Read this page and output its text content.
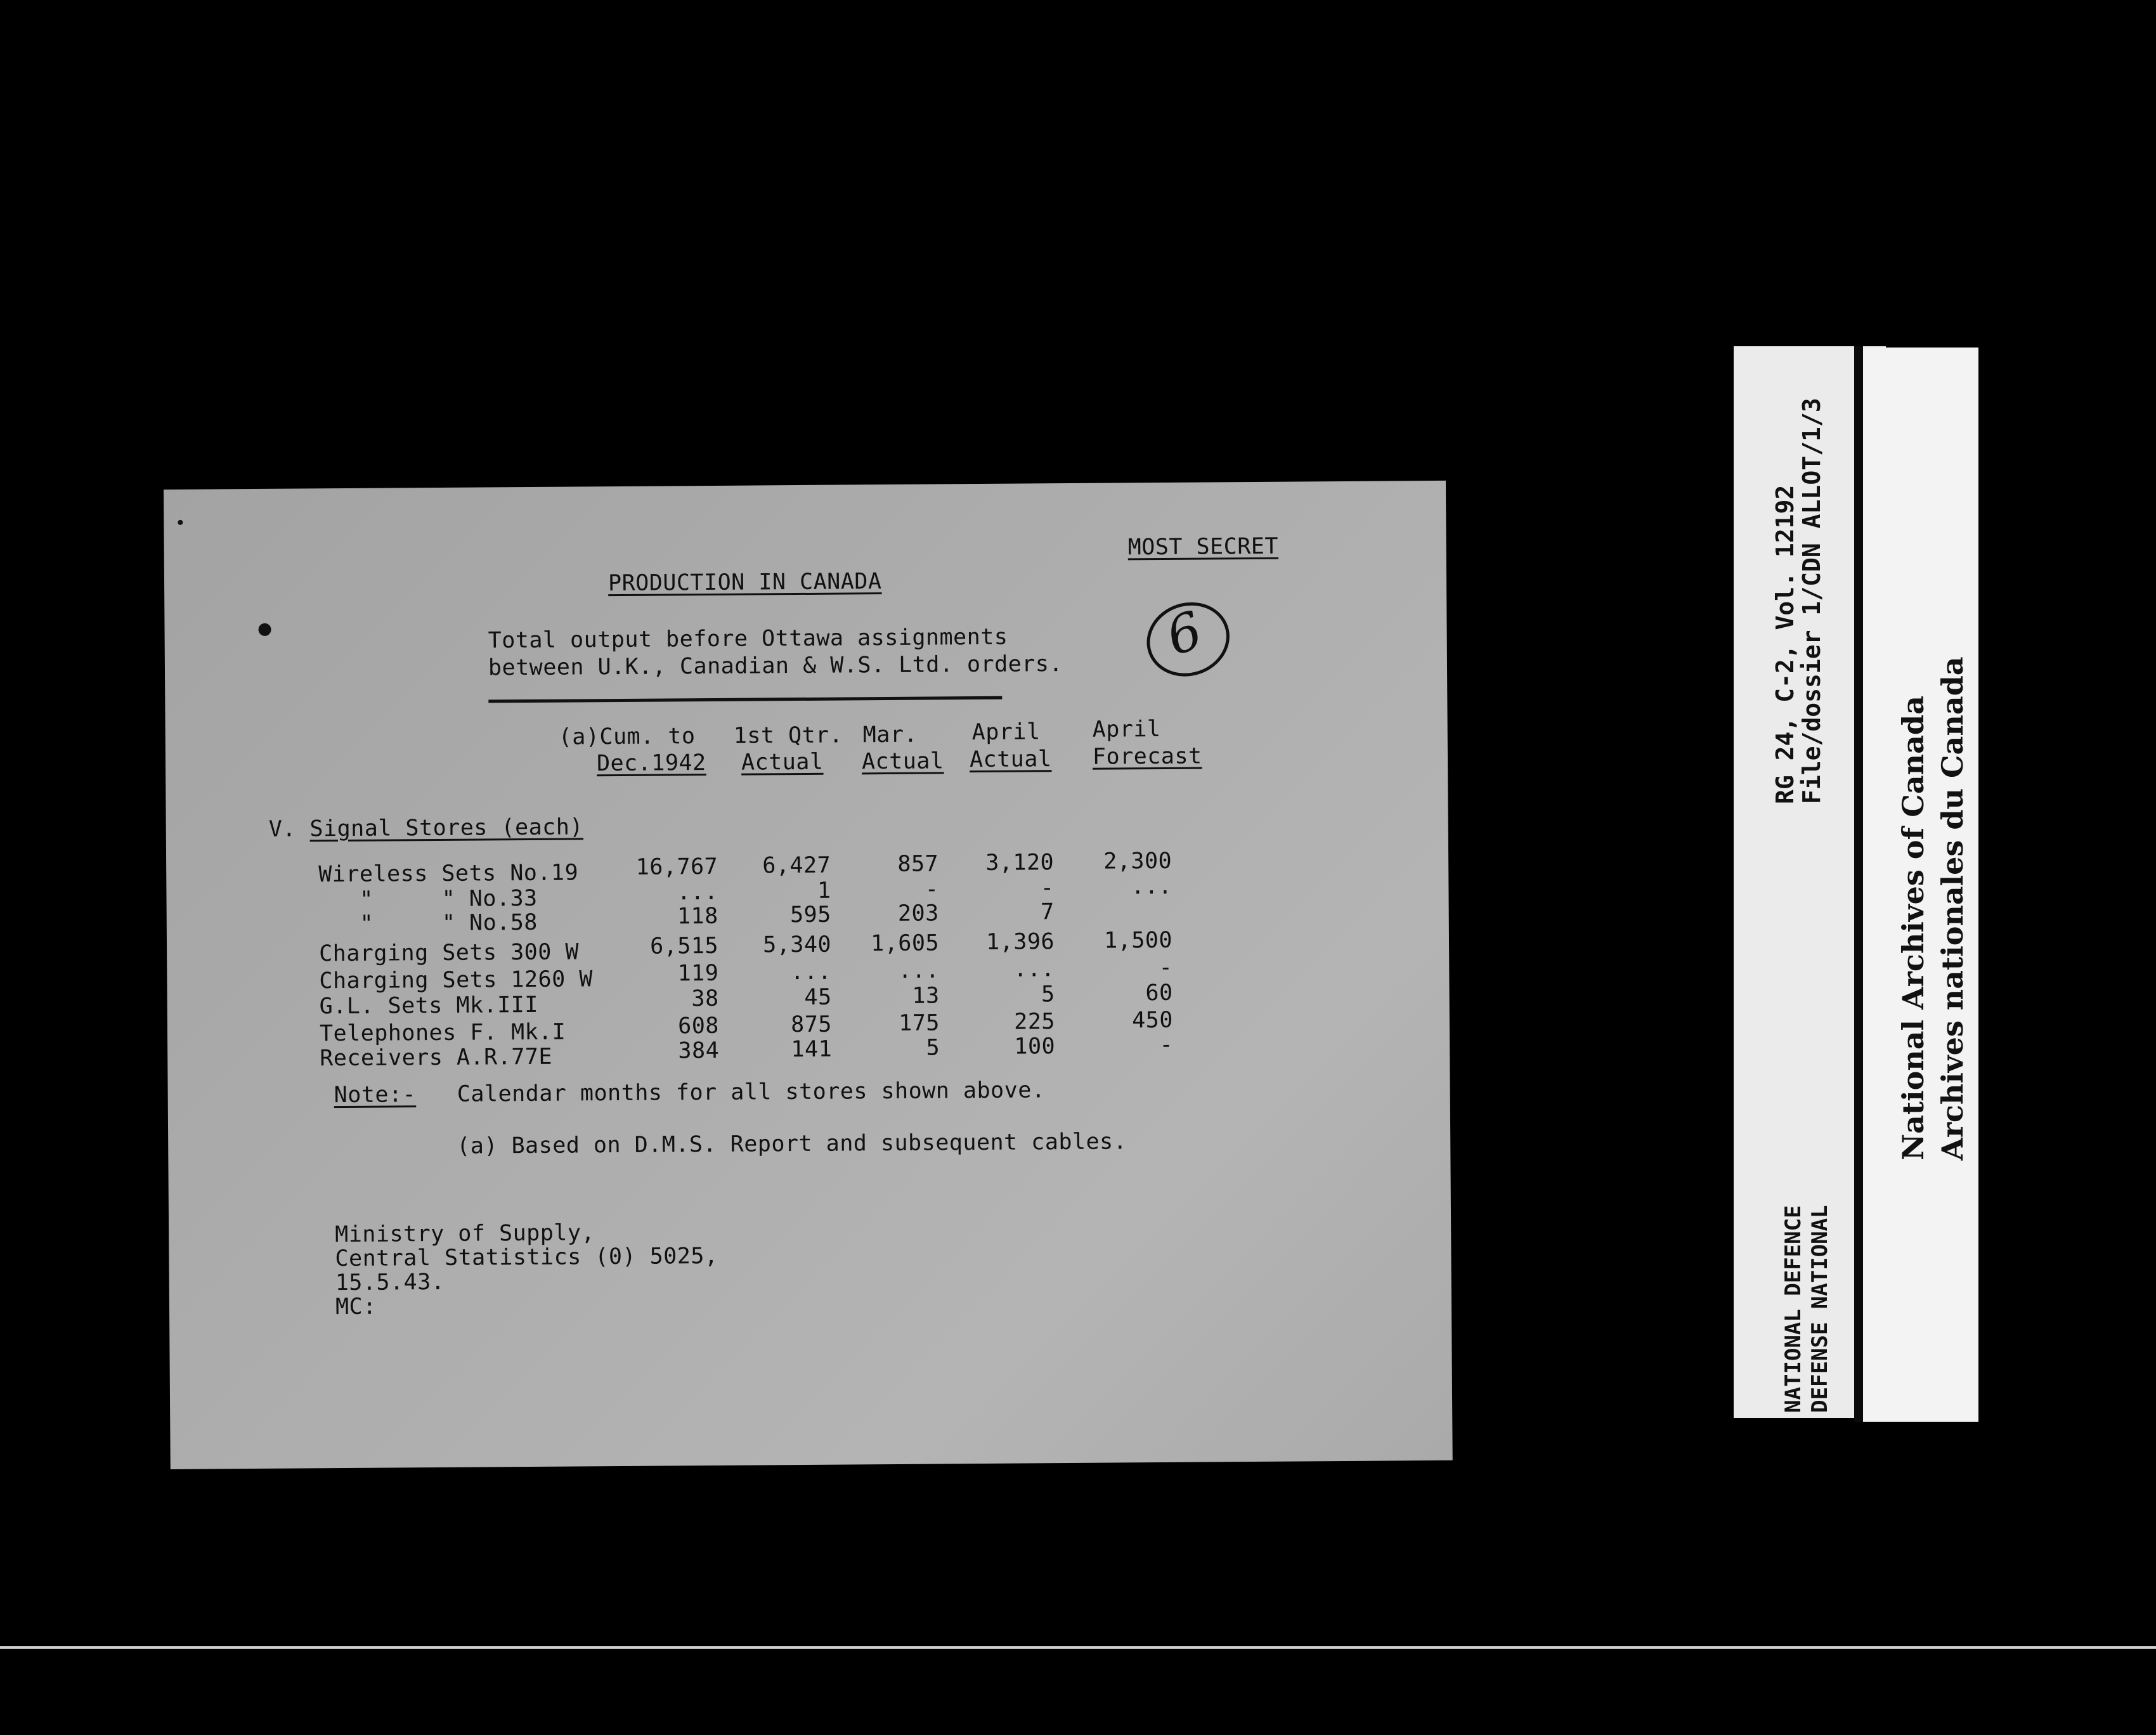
MOST SECRET
PRODUCTION IN CANADA
6
Total output before Ottawa assignments
between U.K., Canadian & W.S. Ltd. orders.
(a)Cum. to
Dec.1942
1st Qtr.
Actual
Mar.
Actual
April
Actual
April
Forecast
V. Signal Stores (each)
Wireless Sets No.19	16,767 6,427	857 3,120 2,300
"     " No.33	...	1	-	-	...
"     " No.58	118	595	203	7
Charging Sets 300 W	6,515 5,340 1,605 1,396 1,500
Charging Sets 1260 W	119	...	...	...	-
G.L. Sets Mk.III	38	45	13	5	60
Telephones F. Mk.I	608	875	175	225	450
Receivers A.R.77E	384	141	5	100	-
Note:- Calendar months for all stores shown above.
(a) Based on D.M.S. Report and subsequent cables.
Ministry of Supply,
Central Statistics (0) 5025,
15.5.43.
MC:
RG 24, C-2, Vol. 12192
File/dossier 1/CDN ALLOT/1/3
NATIONAL DEFENCE DEFENSE NATIONAL
National Archives of Canada Archives nationales du Canada
